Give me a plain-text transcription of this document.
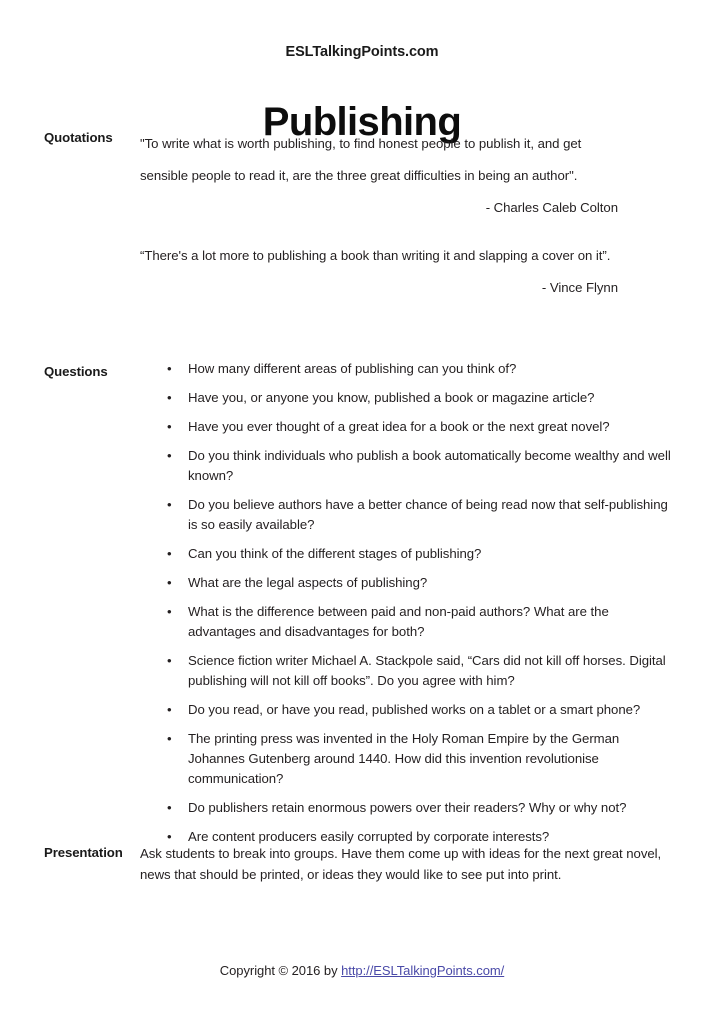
ESLTalkingPoints.com
Publishing
Quotations	"To write what is worth publishing, to find honest people to publish it, and get sensible people to read it, are the three great difficulties in being an author".
- Charles Caleb Colton
“There's a lot more to publishing a book than writing it and slapping a cover on it”.
- Vince Flynn
Questions	• How many different areas of publishing can you think of?
• Have you, or anyone you know, published a book or magazine article?
• Have you ever thought of a great idea for a book or the next great novel?
• Do you think individuals who publish a book automatically become wealthy and well known?
• Do you believe authors have a better chance of being read now that self-publishing is so easily available?
• Can you think of the different stages of publishing?
• What are the legal aspects of publishing?
• What is the difference between paid and non-paid authors? What are the advantages and disadvantages for both?
• Science fiction writer Michael A. Stackpole said, “Cars did not kill off horses. Digital publishing will not kill off books”. Do you agree with him?
• Do you read, or have you read, published works on a tablet or a smart phone?
• The printing press was invented in the Holy Roman Empire by the German Johannes Gutenberg around 1440. How did this invention revolutionise communication?
• Do publishers retain enormous powers over their readers? Why or why not?
• Are content producers easily corrupted by corporate interests?
Presentation	Ask students to break into groups. Have them come up with ideas for the next great novel, news that should be printed, or ideas they would like to see put into print.
Copyright © 2016 by http://ESLTalkingPoints.com/
